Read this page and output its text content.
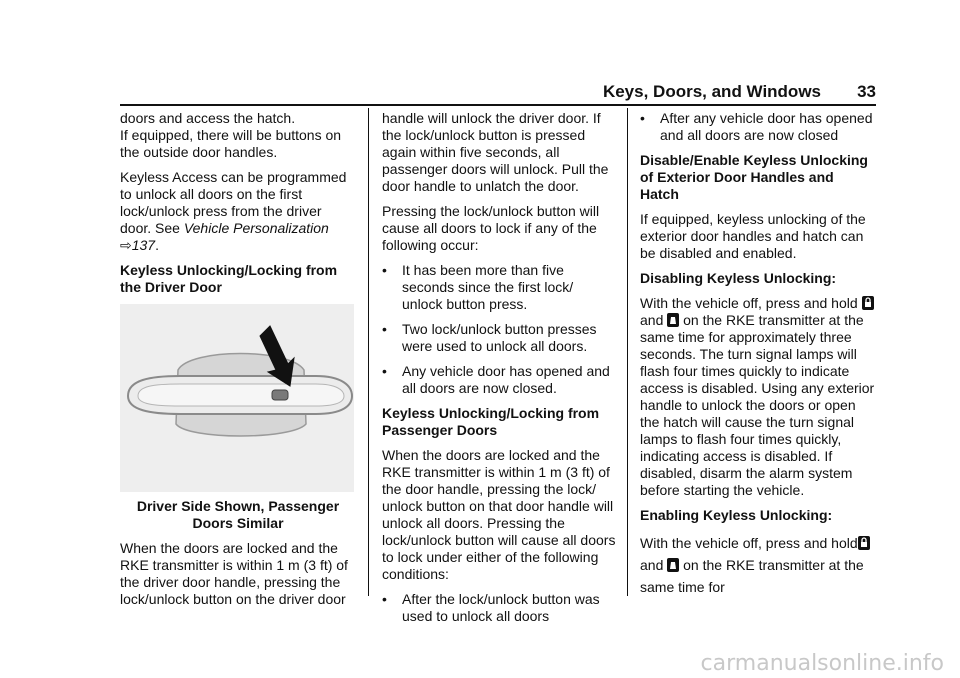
Keys, Doors, and Windows 33

doors and access the hatch.

If equipped, there will be buttons on the outside door handles.

Keyless Access can be programmed to unlock all doors on the first lock/unlock press from the driver door. See Vehicle Personalization ⇨137.

Keyless Unlocking/Locking from the Driver Door

Driver Side Shown, Passenger Doors Similar

When the doors are locked and the RKE transmitter is within 1 m (3 ft) of the driver door handle, pressing the lock/unlock button on the driver door

handle will unlock the driver door. If the lock/unlock button is pressed again within five seconds, all passenger doors will unlock. Pull the door handle to unlatch the door.

Pressing the lock/unlock button will cause all doors to lock if any of the following occur:

•	It has been more than five seconds since the first lock/ unlock button press.
•	Two lock/unlock button presses were used to unlock all doors.
•	Any vehicle door has opened and all doors are now closed.
Keyless Unlocking/Locking from Passenger Doors

When the doors are locked and the RKE transmitter is within 1 m (3 ft) of the door handle, pressing the lock/ unlock button on that door handle will unlock all doors. Pressing the lock/unlock button will cause all doors to lock under either of the following conditions:

•	After the lock/unlock button was used to unlock all doors
•	After any vehicle door has opened and all doors are now closed
Disable/Enable Keyless Unlocking of Exterior Door Handles and Hatch

If equipped, keyless unlocking of the exterior door handles and hatch can be disabled and enabled.

Disabling Keyless Unlocking:

With the vehicle off, press and hold  and  on the RKE transmitter at the same time for approximately three seconds. The turn signal lamps will flash four times quickly to indicate access is disabled. Using any exterior handle to unlock the doors or open the hatch will cause the turn signal lamps to flash four times quickly, indicating access is disabled. If disabled, disarm the alarm system before starting the vehicle.

Enabling Keyless Unlocking:

With the vehicle off, press and hold and  on the RKE transmitter at the same time for

carmanualsonline.info
